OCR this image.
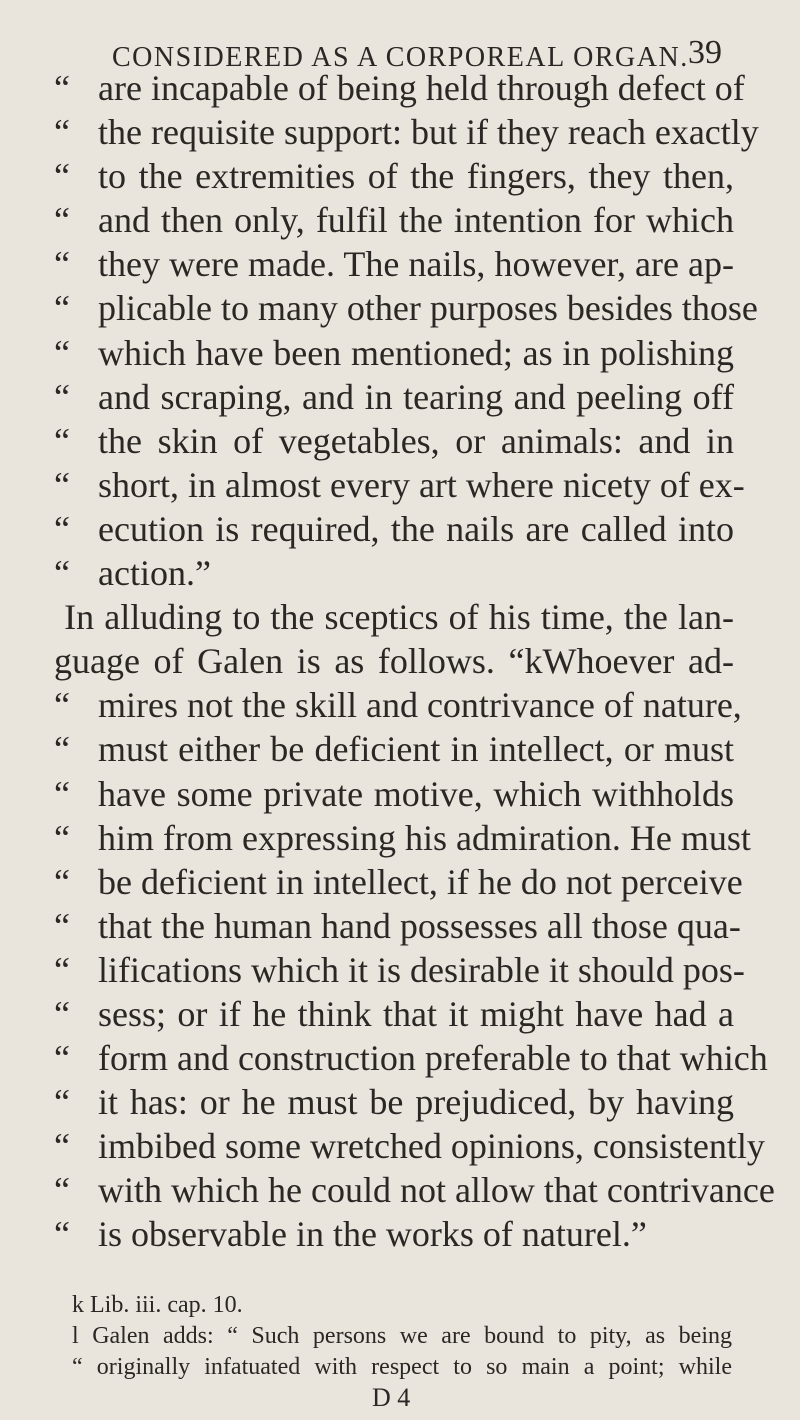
CONSIDERED AS A CORPOREAL ORGAN. 39
“ are incapable of being held through defect of
“ the requisite support: but if they reach exactly
“ to the extremities of the fingers, they then,
“ and then only, fulfil the intention for which
“ they were made. The nails, however, are ap-
“ plicable to many other purposes besides those
“ which have been mentioned; as in polishing
“ and scraping, and in tearing and peeling off
“ the skin of vegetables, or animals: and in
“ short, in almost every art where nicety of ex-
“ ecution is required, the nails are called into
“ action.”
In alluding to the sceptics of his time, the lan-
guage of Galen is as follows. “kWhoever ad-
“ mires not the skill and contrivance of nature,
“ must either be deficient in intellect, or must
“ have some private motive, which withholds
“ him from expressing his admiration. He must
“ be deficient in intellect, if he do not perceive
“ that the human hand possesses all those qua-
“ lifications which it is desirable it should pos-
“ sess; or if he think that it might have had a
“ form and construction preferable to that which
“ it has: or he must be prejudiced, by having
“ imbibed some wretched opinions, consistently
“ with which he could not allow that contrivance
“ is observable in the works of naturel.”
k Lib. iii. cap. 10.
l Galen adds: “ Such persons we are bound to pity, as being
“ originally infatuated with respect to so main a point; while
D 4
